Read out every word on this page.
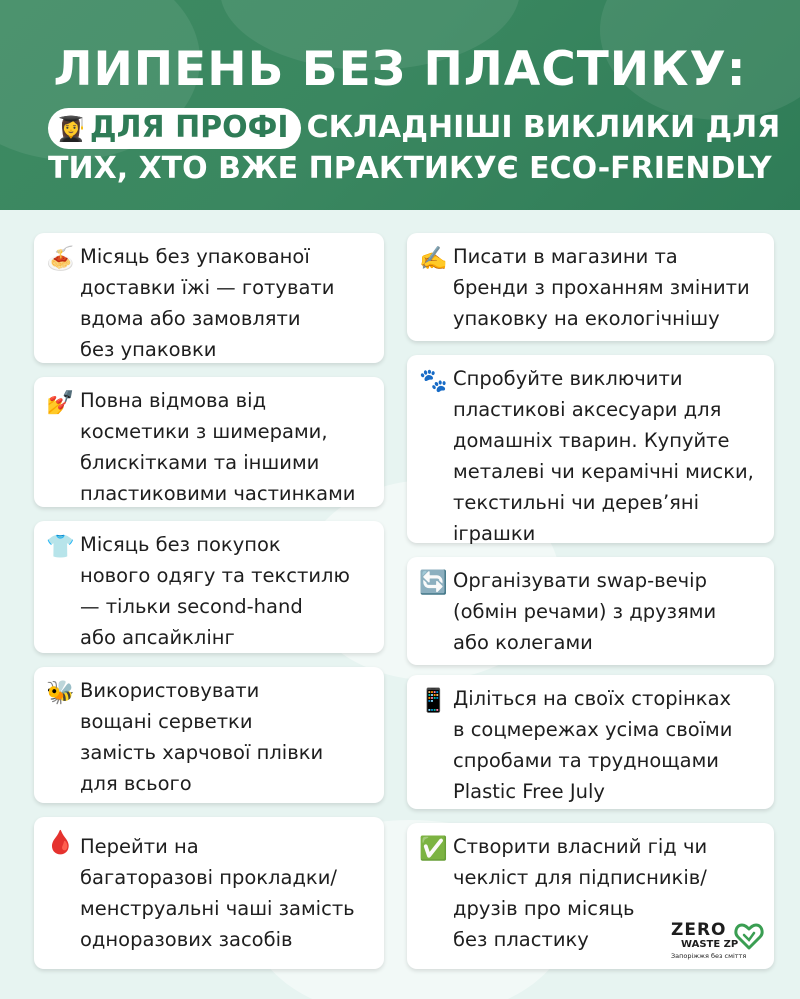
ЛИПЕНЬ БЕЗ ПЛАСТИКУ:
👩‍🎓 ДЛЯ ПРОФІ СКЛАДНІШІ ВИКЛИКИ ДЛЯ
ТИХ, ХТО ВЖЕ ПРАКТИКУЄ ECO-FRIENDLY
🍝 Місяць без упакованої
доставки їжі — готувати
вдома або замовляти
без упаковки
💅 Повна відмова від
косметики з шимерами,
блискітками та іншими
пластиковими частинками
👕 Місяць без покупок
нового одягу та текстилю
— тільки second-hand
або апсайклінг
🐝 Використовувати
вощані серветки
замість харчової плівки
для всього
🩸 Перейти на
багаторазові прокладки/
менструальні чаші замість
одноразових засобів
✍️ Писати в магазини та
бренди з проханням змінити
упаковку на екологічнішу
🐾 Спробуйте виключити
пластикові аксесуари для
домашніх тварин. Купуйте
металеві чи керамічні миски,
текстильні чи дерев’яні
іграшки
🔄 Організувати swap-вечір
(обмін речами) з друзями
або колегами
📱 Діліться на своїх сторінках
в соцмережах усіма своїми
спробами та труднощами
Plastic Free July
✅ Створити власний гід чи
чекліст для підписників/
друзів про місяць
без пластику	ZERO
WASTE ZP
Запоріжжя без сміття
